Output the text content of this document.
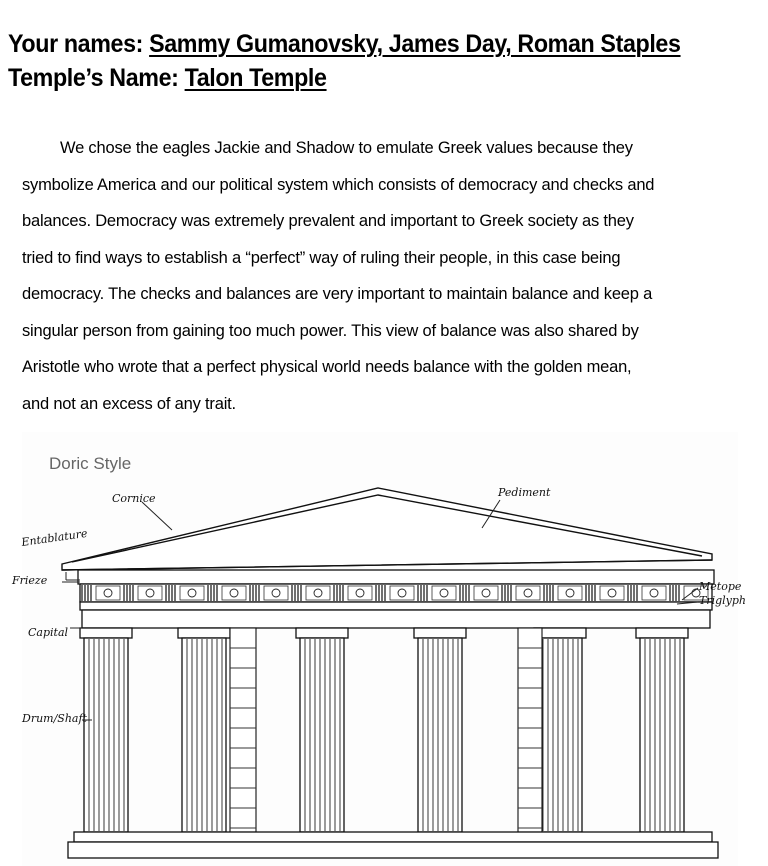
Your names: Sammy Gumanovsky, James Day, Roman Staples
Temple’s Name: Talon Temple
We chose the eagles Jackie and Shadow to emulate Greek values because they
symbolize America and our political system which consists of democracy and checks and
balances. Democracy was extremely prevalent and important to Greek society as they
tried to find ways to establish a “perfect” way of ruling their people, in this case being
democracy. The checks and balances are very important to maintain balance and keep a
singular person from gaining too much power. This view of balance was also shared by
Aristotle who wrote that a perfect physical world needs balance with the golden mean,
and not an excess of any trait.
Doric Style
Cornice	Pediment
Entablature
Frieze
Capital
Drum/Shaft
Metope
Triglyph
